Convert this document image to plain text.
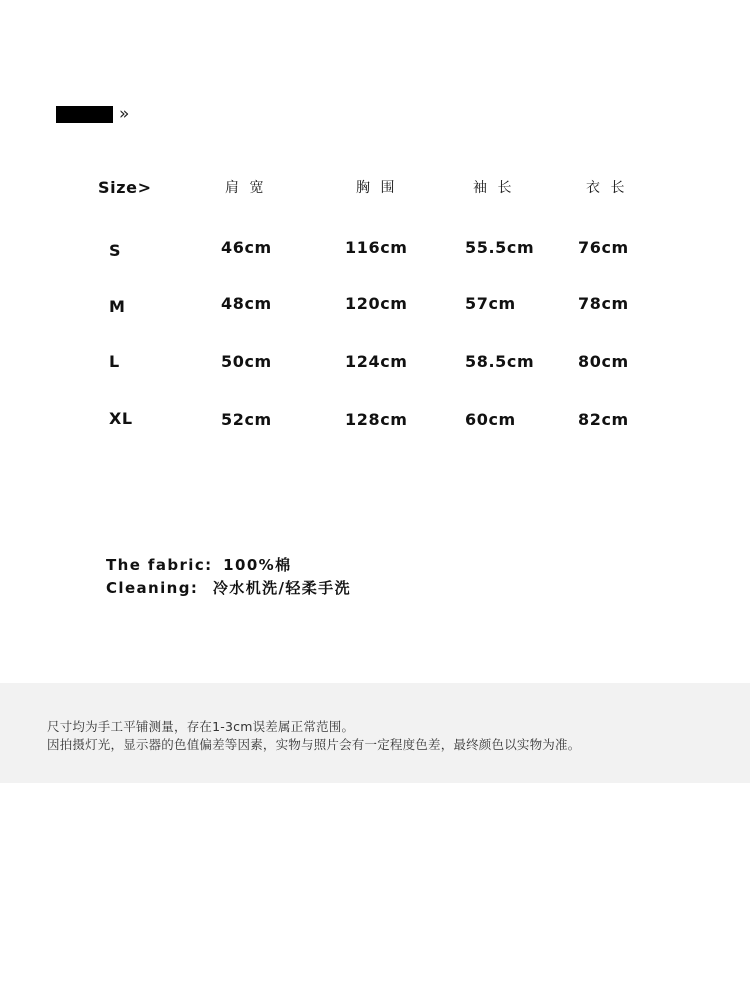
»
Size>	肩 宽	胸 围	袖 长	衣 长
S	46cm	116cm	55.5cm	76cm
M	48cm	120cm	57cm	78cm
L	50cm	124cm	58.5cm	80cm
XL	52cm	128cm	60cm	82cm
The fabric: 100%棉
Cleaning: 冷水机洗/轻柔手洗
尺寸均为手工平铺测量，存在1-3cm误差属正常范围。
因拍摄灯光，显示器的色值偏差等因素，实物与照片会有一定程度色差，最终颜色以实物为准。
